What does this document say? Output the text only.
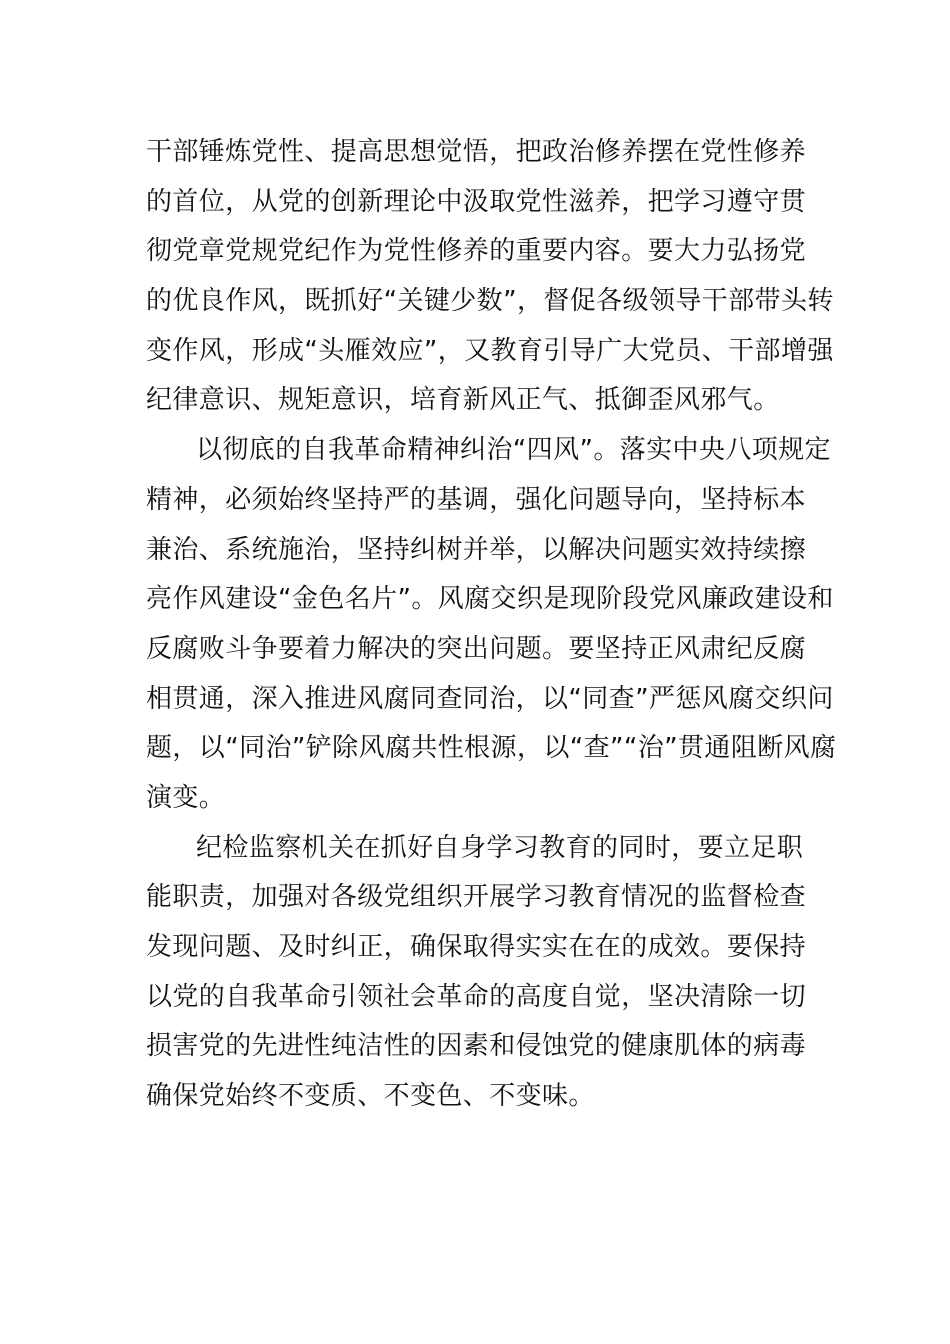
干部锤炼党性、提高思想觉悟，把政治修养摆在党性修养
的首位，从党的创新理论中汲取党性滋养，把学习遵守贯
彻党章党规党纪作为党性修养的重要内容。要大力弘扬党
的优良作风，既抓好“关键少数”，督促各级领导干部带头转
变作风，形成“头雁效应”，又教育引导广大党员、干部增强
纪律意识、规矩意识，培育新风正气、抵御歪风邪气。
以彻底的自我革命精神纠治“四风”。落实中央八项规定
精神，必须始终坚持严的基调，强化问题导向，坚持标本
兼治、系统施治，坚持纠树并举，以解决问题实效持续擦
亮作风建设“金色名片”。风腐交织是现阶段党风廉政建设和
反腐败斗争要着力解决的突出问题。要坚持正风肃纪反腐
相贯通，深入推进风腐同查同治，以“同查”严惩风腐交织问
题，以“同治”铲除风腐共性根源，以“查”“治”贯通阻断风腐
演变。
纪检监察机关在抓好自身学习教育的同时，要立足职
能职责，加强对各级党组织开展学习教育情况的监督检查
发现问题、及时纠正，确保取得实实在在的成效。要保持
以党的自我革命引领社会革命的高度自觉，坚决清除一切
损害党的先进性纯洁性的因素和侵蚀党的健康肌体的病毒
确保党始终不变质、不变色、不变味。
